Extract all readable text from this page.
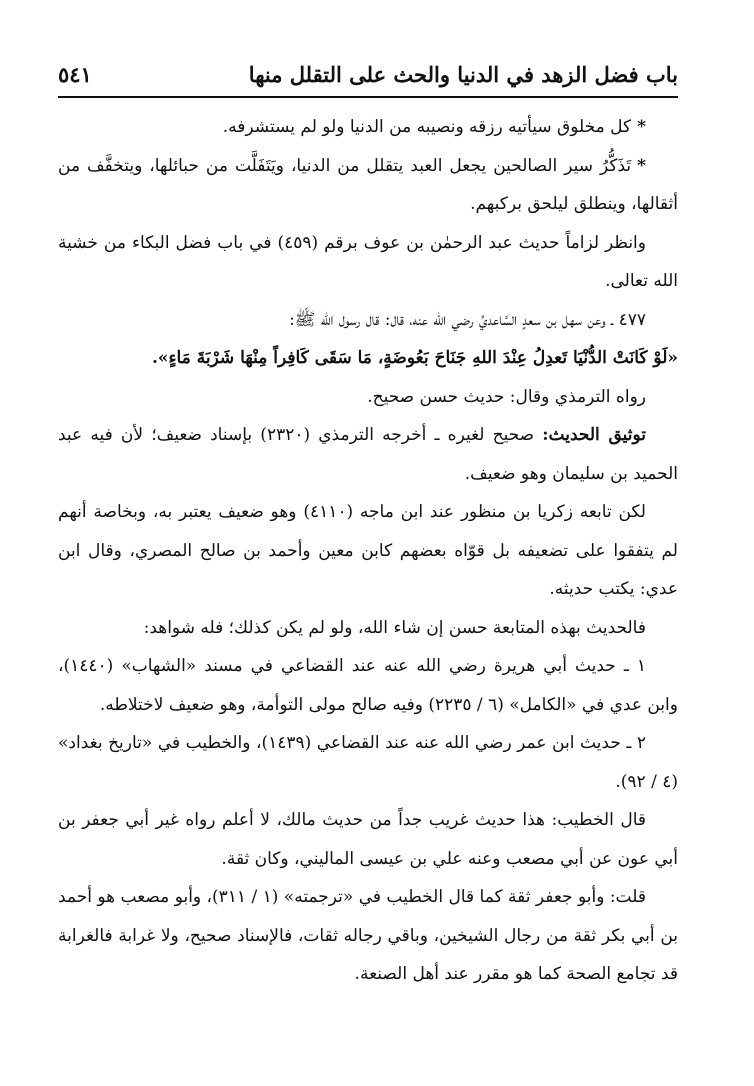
باب فضل الزهد في الدنيا والحث على التقلل منها
٥٤١

*كل مخلوق سيأتيه رزقه ونصيبه من الدنيا ولو لم يستشرفه.

*تَذَكُّرُ سير الصالحين يجعل العبد يتقلل من الدنيا، ويَتَفَلَّت من حبائلها، ويتخفَّف من أثقالها، وينطلق ليلحق بركبهم.

وانظر لزاماً حديث عبد الرحمٰن بن عوف برقم (٤٥٩) في باب فضل البكاء من خشية الله تعالى.

٤٧٧ ـ وعن سهل بن سعدٍ السَّاعديِّ رضي الله عنه، قال: قال رسول الله ﷺ:

«لَوْ كَانَتْ الدُّنْيَا تَعدِلُ عِنْدَ اللهِ جَنَاحَ بَعُوضَةٍ، مَا سَقَى كَافِراً مِنْهَا شَرْبَةَ مَاءٍ».

رواه الترمذي وقال: حديث حسن صحيح.

توثيق الحديث: صحيح لغيره ـ أخرجه الترمذي (٢٣٢٠) بإسناد ضعيف؛ لأن فيه عبد الحميد بن سليمان وهو ضعيف.

لكن تابعه زكريا بن منظور عند ابن ماجه (٤١١٠) وهو ضعيف يعتبر به، وبخاصة أنهم لم يتفقوا على تضعيفه بل قوّاه بعضهم كابن معين وأحمد بن صالح المصري، وقال ابن عدي: يكتب حديثه.

فالحديث بهذه المتابعة حسن إن شاء الله، ولو لم يكن كذلك؛ فله شواهد:

١ ـ حديث أبي هريرة رضي الله عنه عند القضاعي في مسند «الشهاب» (١٤٤٠)، وابن عدي في «الكامل» (٦ / ٢٢٣٥) وفيه صالح مولى التوأمة، وهو ضعيف لاختلاطه.

٢ ـ حديث ابن عمر رضي الله عنه عند القضاعي (١٤٣٩)، والخطيب في «تاريخ بغداد» (٤ / ٩٢).

قال الخطيب: هذا حديث غريب جداً من حديث مالك، لا أعلم رواه غير أبي جعفر بن أبي عون عن أبي مصعب وعنه علي بن عيسى الماليني، وكان ثقة.

قلت: وأبو جعفر ثقة كما قال الخطيب في «ترجمته» (١ / ٣١١)، وأبو مصعب هو أحمد بن أبي بكر ثقة من رجال الشيخين، وباقي رجاله ثقات، فالإسناد صحيح، ولا غرابة فالغرابة قد تجامع الصحة كما هو مقرر عند أهل الصنعة.
